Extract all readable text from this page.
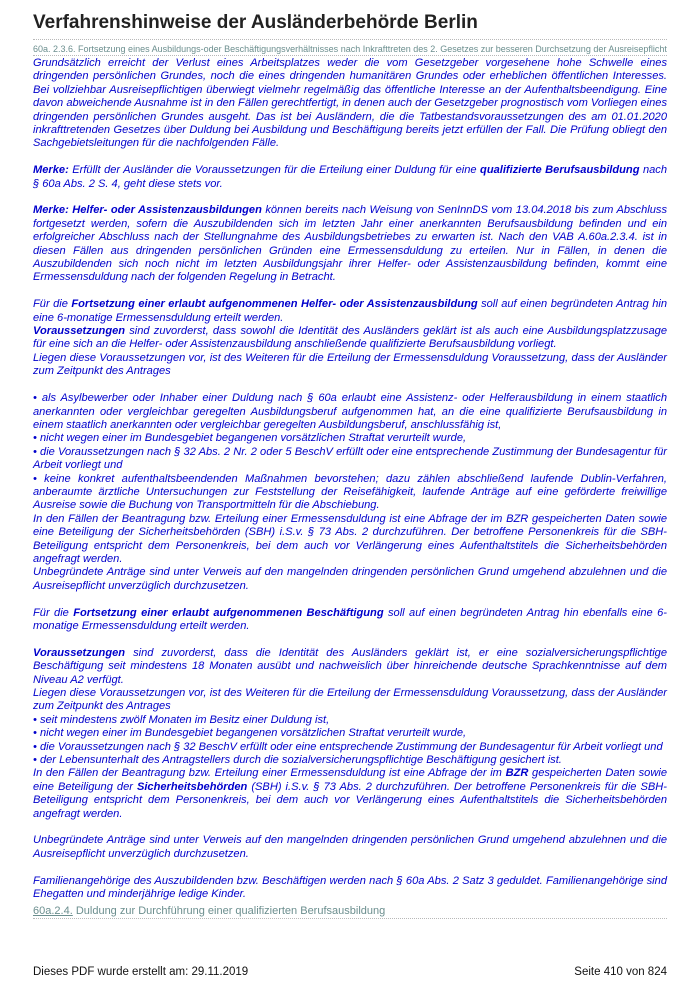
Verfahrenshinweise der Ausländerbehörde Berlin
60a. 2.3.6. Fortsetzung eines Ausbildungs-oder Beschäftigungsverhältnisses nach Inkrafttreten des 2. Gesetzes zur besseren Durchsetzung der Ausreisepflicht

Grundsätzlich erreicht der Verlust eines Arbeitsplatzes weder die vom Gesetzgeber vorgesehene hohe Schwelle eines dringenden persönlichen Grundes, noch die eines dringenden humanitären Grundes oder erheblichen öffentlichen Interesses. Bei vollziehbar Ausreisepflichtigen überwiegt vielmehr regelmäßig das öffentliche Interesse an der Aufenthaltsbeendigung. Eine davon abweichende Ausnahme ist in den Fällen gerechtfertigt, in denen auch der Gesetzgeber prognostisch vom Vorliegen eines dringenden persönlichen Grundes ausgeht. Das ist bei Ausländern, die die Tatbestandsvoraussetzungen des am 01.01.2020 inkrafttretenden Gesetzes über Duldung bei Ausbildung und Beschäftigung bereits jetzt erfüllen der Fall. Die Prüfung obliegt den Sachgebietsleitungen für die nachfolgenden Fälle.

Merke: Erfüllt der Ausländer die Voraussetzungen für die Erteilung einer Duldung für eine qualifizierte Berufsausbildung nach § 60a Abs. 2 S. 4, geht diese stets vor.

Merke: Helfer- oder Assistenzausbildungen können bereits nach Weisung von SenInnDS vom 13.04.2018 bis zum Abschluss fortgesetzt werden, sofern die Auszubildenden sich im letzten Jahr einer anerkannten Berufsausbildung befinden und ein erfolgreicher Abschluss nach der Stellungnahme des Ausbildungsbetriebes zu erwarten ist. Nach den VAB A.60a.2.3.4. ist in diesen Fällen aus dringenden persönlichen Gründen eine Ermessensduldung zu erteilen. Nur in Fällen, in denen die Auszubildenden sich noch nicht im letzten Ausbildungsjahr ihrer Helfer- oder Assistenzausbildung befinden, kommt eine Ermessensduldung nach der folgenden Regelung in Betracht.

Für die Fortsetzung einer erlaubt aufgenommenen Helfer- oder Assistenzausbildung soll auf einen begründeten Antrag hin eine 6-monatige Ermessensduldung erteilt werden.

Voraussetzungen sind zuvorderst, dass sowohl die Identität des Ausländers geklärt ist als auch eine Ausbildungsplatzzusage für eine sich an die Helfer- oder Assistenzausbildung anschließende qualifizierte Berufsausbildung vorliegt.

Liegen diese Voraussetzungen vor, ist des Weiteren für die Erteilung der Ermessensduldung Voraussetzung, dass der Ausländer zum Zeitpunkt des Antrages

• als Asylbewerber oder Inhaber einer Duldung nach § 60a erlaubt eine Assistenz- oder Helferausbildung in einem staatlich anerkannten oder vergleichbar geregelten Ausbildungsberuf aufgenommen hat, an die eine qualifizierte Berufsausbildung in einem staatlich anerkannten oder vergleichbar geregelten Ausbildungsberuf, anschlussfähig ist,

• nicht wegen einer im Bundesgebiet begangenen vorsätzlichen Straftat verurteilt wurde,

• die Voraussetzungen nach § 32 Abs. 2 Nr. 2 oder 5 BeschV erfüllt oder eine entsprechende Zustimmung der Bundesagentur für Arbeit vorliegt und

• keine konkret aufenthaltsbeendenden Maßnahmen bevorstehen; dazu zählen abschließend laufende Dublin-Verfahren, anberaumte ärztliche Untersuchungen zur Feststellung der Reisefähigkeit, laufende Anträge auf eine geförderte freiwillige Ausreise sowie die Buchung von Transportmitteln für die Abschiebung.

In den Fällen der Beantragung bzw. Erteilung einer Ermessensduldung ist eine Abfrage der im BZR gespeicherten Daten sowie eine Beteiligung der Sicherheitsbehörden (SBH) i.S.v. § 73 Abs. 2 durchzuführen. Der betroffene Personenkreis für die SBH-Beteiligung entspricht dem Personenkreis, bei dem auch vor Verlängerung eines Aufenthaltstitels die Sicherheitsbehörden angefragt werden.

Unbegründete Anträge sind unter Verweis auf den mangelnden dringenden persönlichen Grund umgehend abzulehnen und die Ausreisepflicht unverzüglich durchzusetzen.

Für die Fortsetzung einer erlaubt aufgenommenen Beschäftigung soll auf einen begründeten Antrag hin ebenfalls eine 6-monatige Ermessensduldung erteilt werden.

Voraussetzungen sind zuvorderst, dass die Identität des Ausländers geklärt ist, er eine sozialversicherungspflichtige Beschäftigung seit mindestens 18 Monaten ausübt und nachweislich über hinreichende deutsche Sprachkenntnisse auf dem Niveau A2 verfügt.

Liegen diese Voraussetzungen vor, ist des Weiteren für die Erteilung der Ermessensduldung Voraussetzung, dass der Ausländer zum Zeitpunkt des Antrages

• seit mindestens zwölf Monaten im Besitz einer Duldung ist,

• nicht wegen einer im Bundesgebiet begangenen vorsätzlichen Straftat verurteilt wurde,

• die Voraussetzungen nach § 32 BeschV erfüllt oder eine entsprechende Zustimmung der Bundesagentur für Arbeit vorliegt und

• der Lebensunterhalt des Antragstellers durch die sozialversicherungspflichtige Beschäftigung gesichert ist.

In den Fällen der Beantragung bzw. Erteilung einer Ermessensduldung ist eine Abfrage der im BZR gespeicherten Daten sowie eine Beteiligung der Sicherheitsbehörden (SBH) i.S.v. § 73 Abs. 2 durchzuführen. Der betroffene Personenkreis für die SBH-Beteiligung entspricht dem Personenkreis, bei dem auch vor Verlängerung eines Aufenthaltstitels die Sicherheitsbehörden angefragt werden.

Unbegründete Anträge sind unter Verweis auf den mangelnden dringenden persönlichen Grund umgehend abzulehnen und die Ausreisepflicht unverzüglich durchzusetzen.

Familienangehörige des Auszubildenden bzw. Beschäftigen werden nach § 60a Abs. 2 Satz 3 geduldet. Familienangehörige sind Ehegatten und minderjährige ledige Kinder.

60a.2.4. Duldung zur Durchführung einer qualifizierten Berufsausbildung
Dieses PDF wurde erstellt am: 29.11.2019	Seite 410 von 824
